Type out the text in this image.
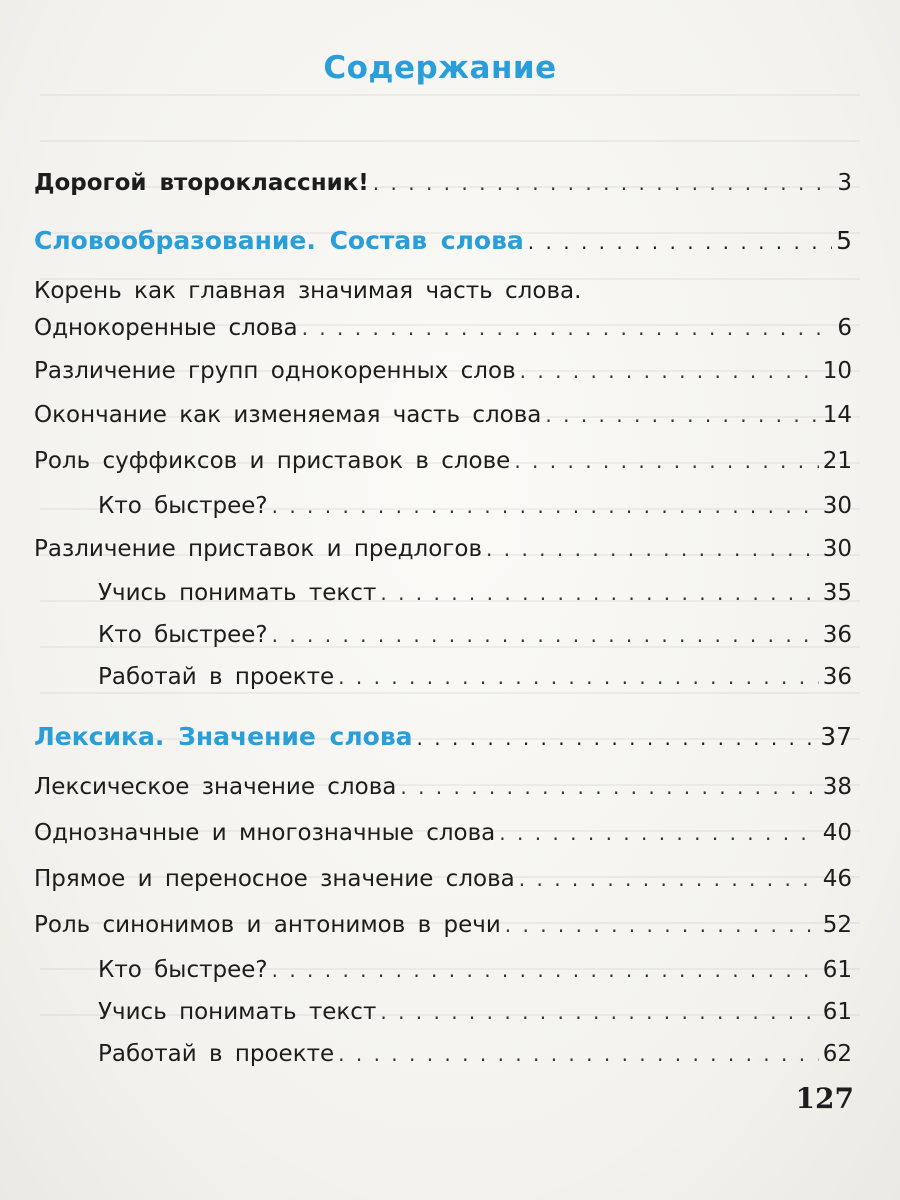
Содержание
Дорогой второклассник! . . .	3
Словообразование. Состав слова . . .	5
Корень как главная значимая часть слова.
Однокоренные слова . . .	6
Различение групп однокоренных слов . . .	10
Окончание как изменяемая часть слова . . .	14
Роль суффиксов и приставок в слове . . .	21
Кто быстрее? . . .	30
Различение приставок и предлогов . . .	30
Учись понимать текст . . .	35
Кто быстрее? . . .	36
Работай в проекте . . .	36
Лексика. Значение слова . . .	37
Лексическое значение слова . . .	38
Однозначные и многозначные слова . . .	40
Прямое и переносное значение слова . . .	46
Роль синонимов и антонимов в речи . . .	52
Кто быстрее? . . .	61
Учись понимать текст . . .	61
Работай в проекте . . .	62
127
